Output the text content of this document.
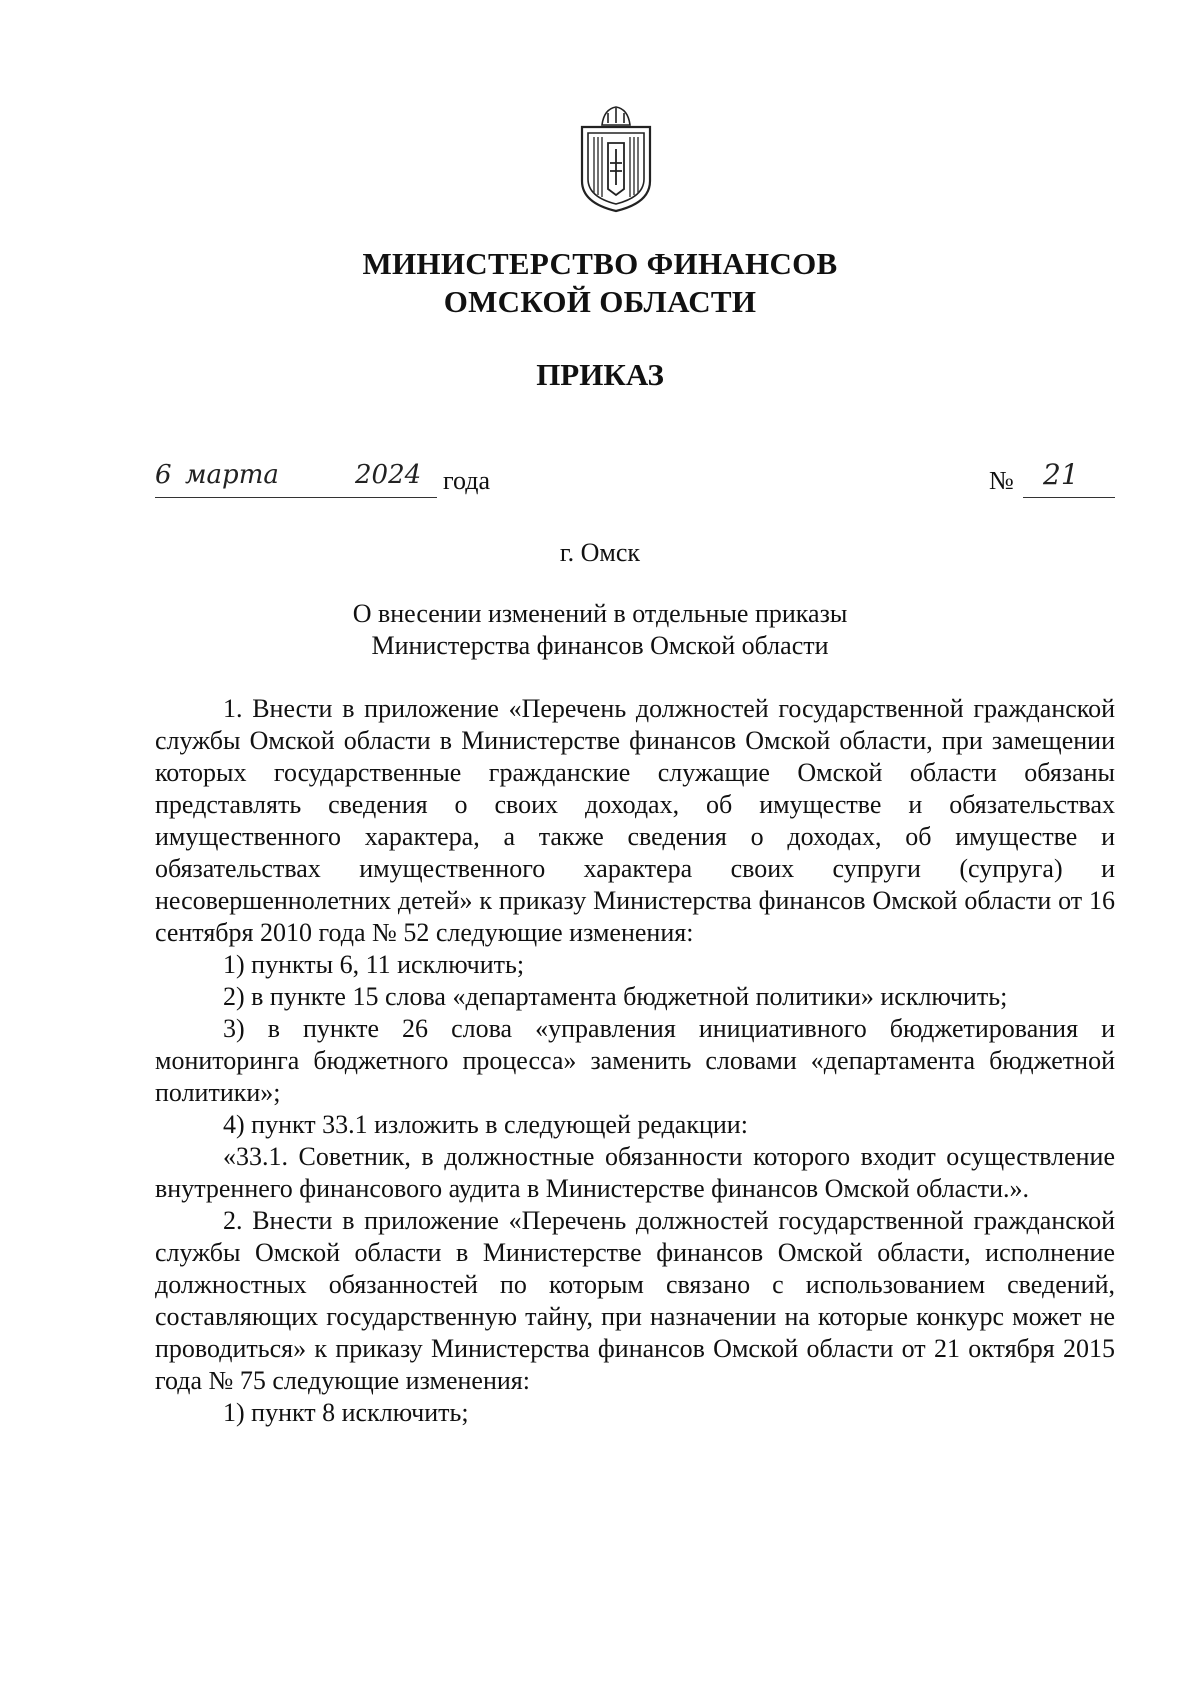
МИНИСТЕРСТВО ФИНАНСОВ
ОМСКОЙ ОБЛАСТИ
ПРИКАЗ
6 марта	2024 года	№ 21
г. Омск
О внесении изменений в отдельные приказы
Министерства финансов Омской области

1. Внести в приложение «Перечень должностей государственной гражданской службы Омской области в Министерстве финансов Омской области, при замещении которых государственные гражданские служащие Омской области обязаны представлять сведения о своих доходах, об имуществе и обязательствах имущественного характера, а также сведения о доходах, об имуществе и обязательствах имущественного характера своих супруги (супруга) и несовершеннолетних детей» к приказу Министерства финансов Омской области от 16 сентября 2010 года № 52 следующие изменения:

1) пункты 6, 11 исключить;

2) в пункте 15 слова «департамента бюджетной политики» исключить;

3) в пункте 26 слова «управления инициативного бюджетирования и мониторинга бюджетного процесса» заменить словами «департамента бюджетной политики»;

4) пункт 33.1 изложить в следующей редакции:

«33.1. Советник, в должностные обязанности которого входит осуществление внутреннего финансового аудита в Министерстве финансов Омской области.».

2. Внести в приложение «Перечень должностей государственной гражданской службы Омской области в Министерстве финансов Омской области, исполнение должностных обязанностей по которым связано с использованием сведений, составляющих государственную тайну, при назначении на которые конкурс может не проводиться» к приказу Министерства финансов Омской области от 21 октября 2015 года № 75 следующие изменения:

1) пункт 8 исключить;
